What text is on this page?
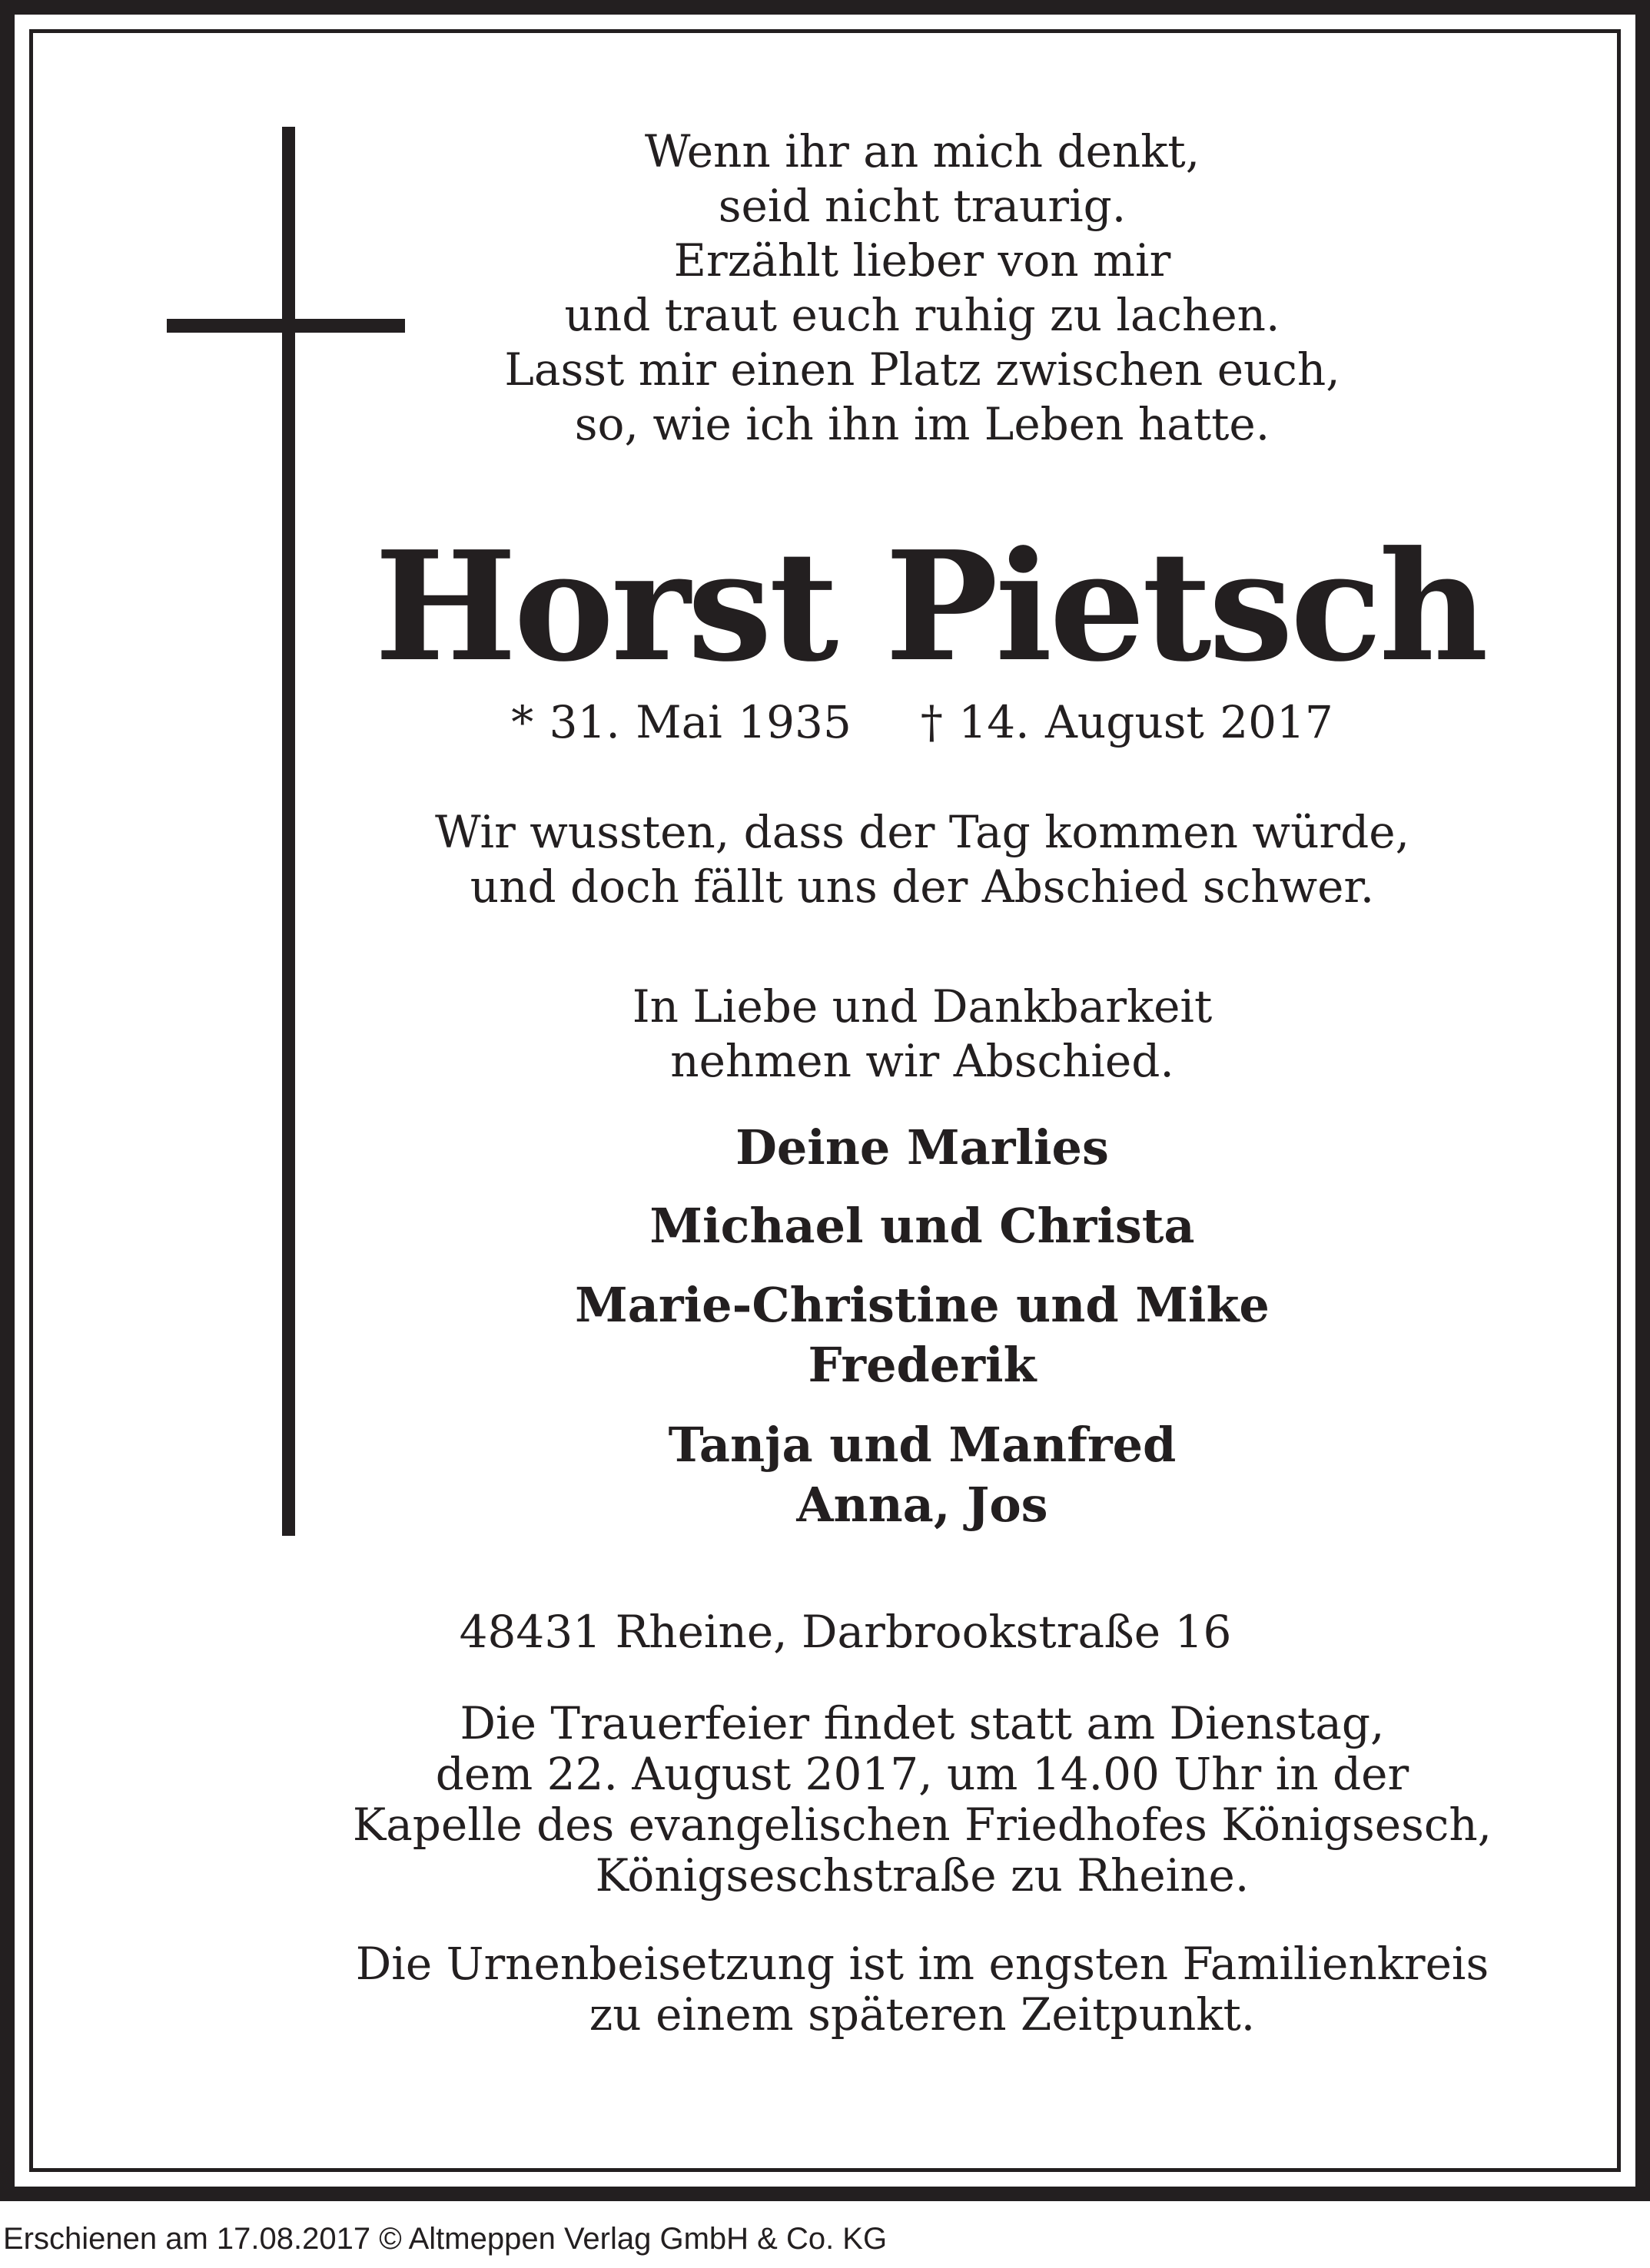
Wenn ihr an mich denkt,
seid nicht traurig.
Erzählt lieber von mir
und traut euch ruhig zu lachen.
Lasst mir einen Platz zwischen euch,
so, wie ich ihn im Leben hatte.
Horst Pietsch
* 31. Mai 1935 † 14. August 2017
Wir wussten, dass der Tag kommen würde,
und doch fällt uns der Abschied schwer.
In Liebe und Dankbarkeit
nehmen wir Abschied.
Deine Marlies
Michael und Christa
Marie-Christine und Mike
Frederik
Tanja und Manfred
Anna, Jos
48431 Rheine, Darbrookstraße 16
Die Trauerfeier findet statt am Dienstag,
dem 22. August 2017, um 14.00 Uhr in der
Kapelle des evangelischen Friedhofes Königsesch,
Königseschstraße zu Rheine.
Die Urnenbeisetzung ist im engsten Familienkreis
zu einem späteren Zeitpunkt.
Erschienen am 17.08.2017 © Altmeppen Verlag GmbH & Co. KG
